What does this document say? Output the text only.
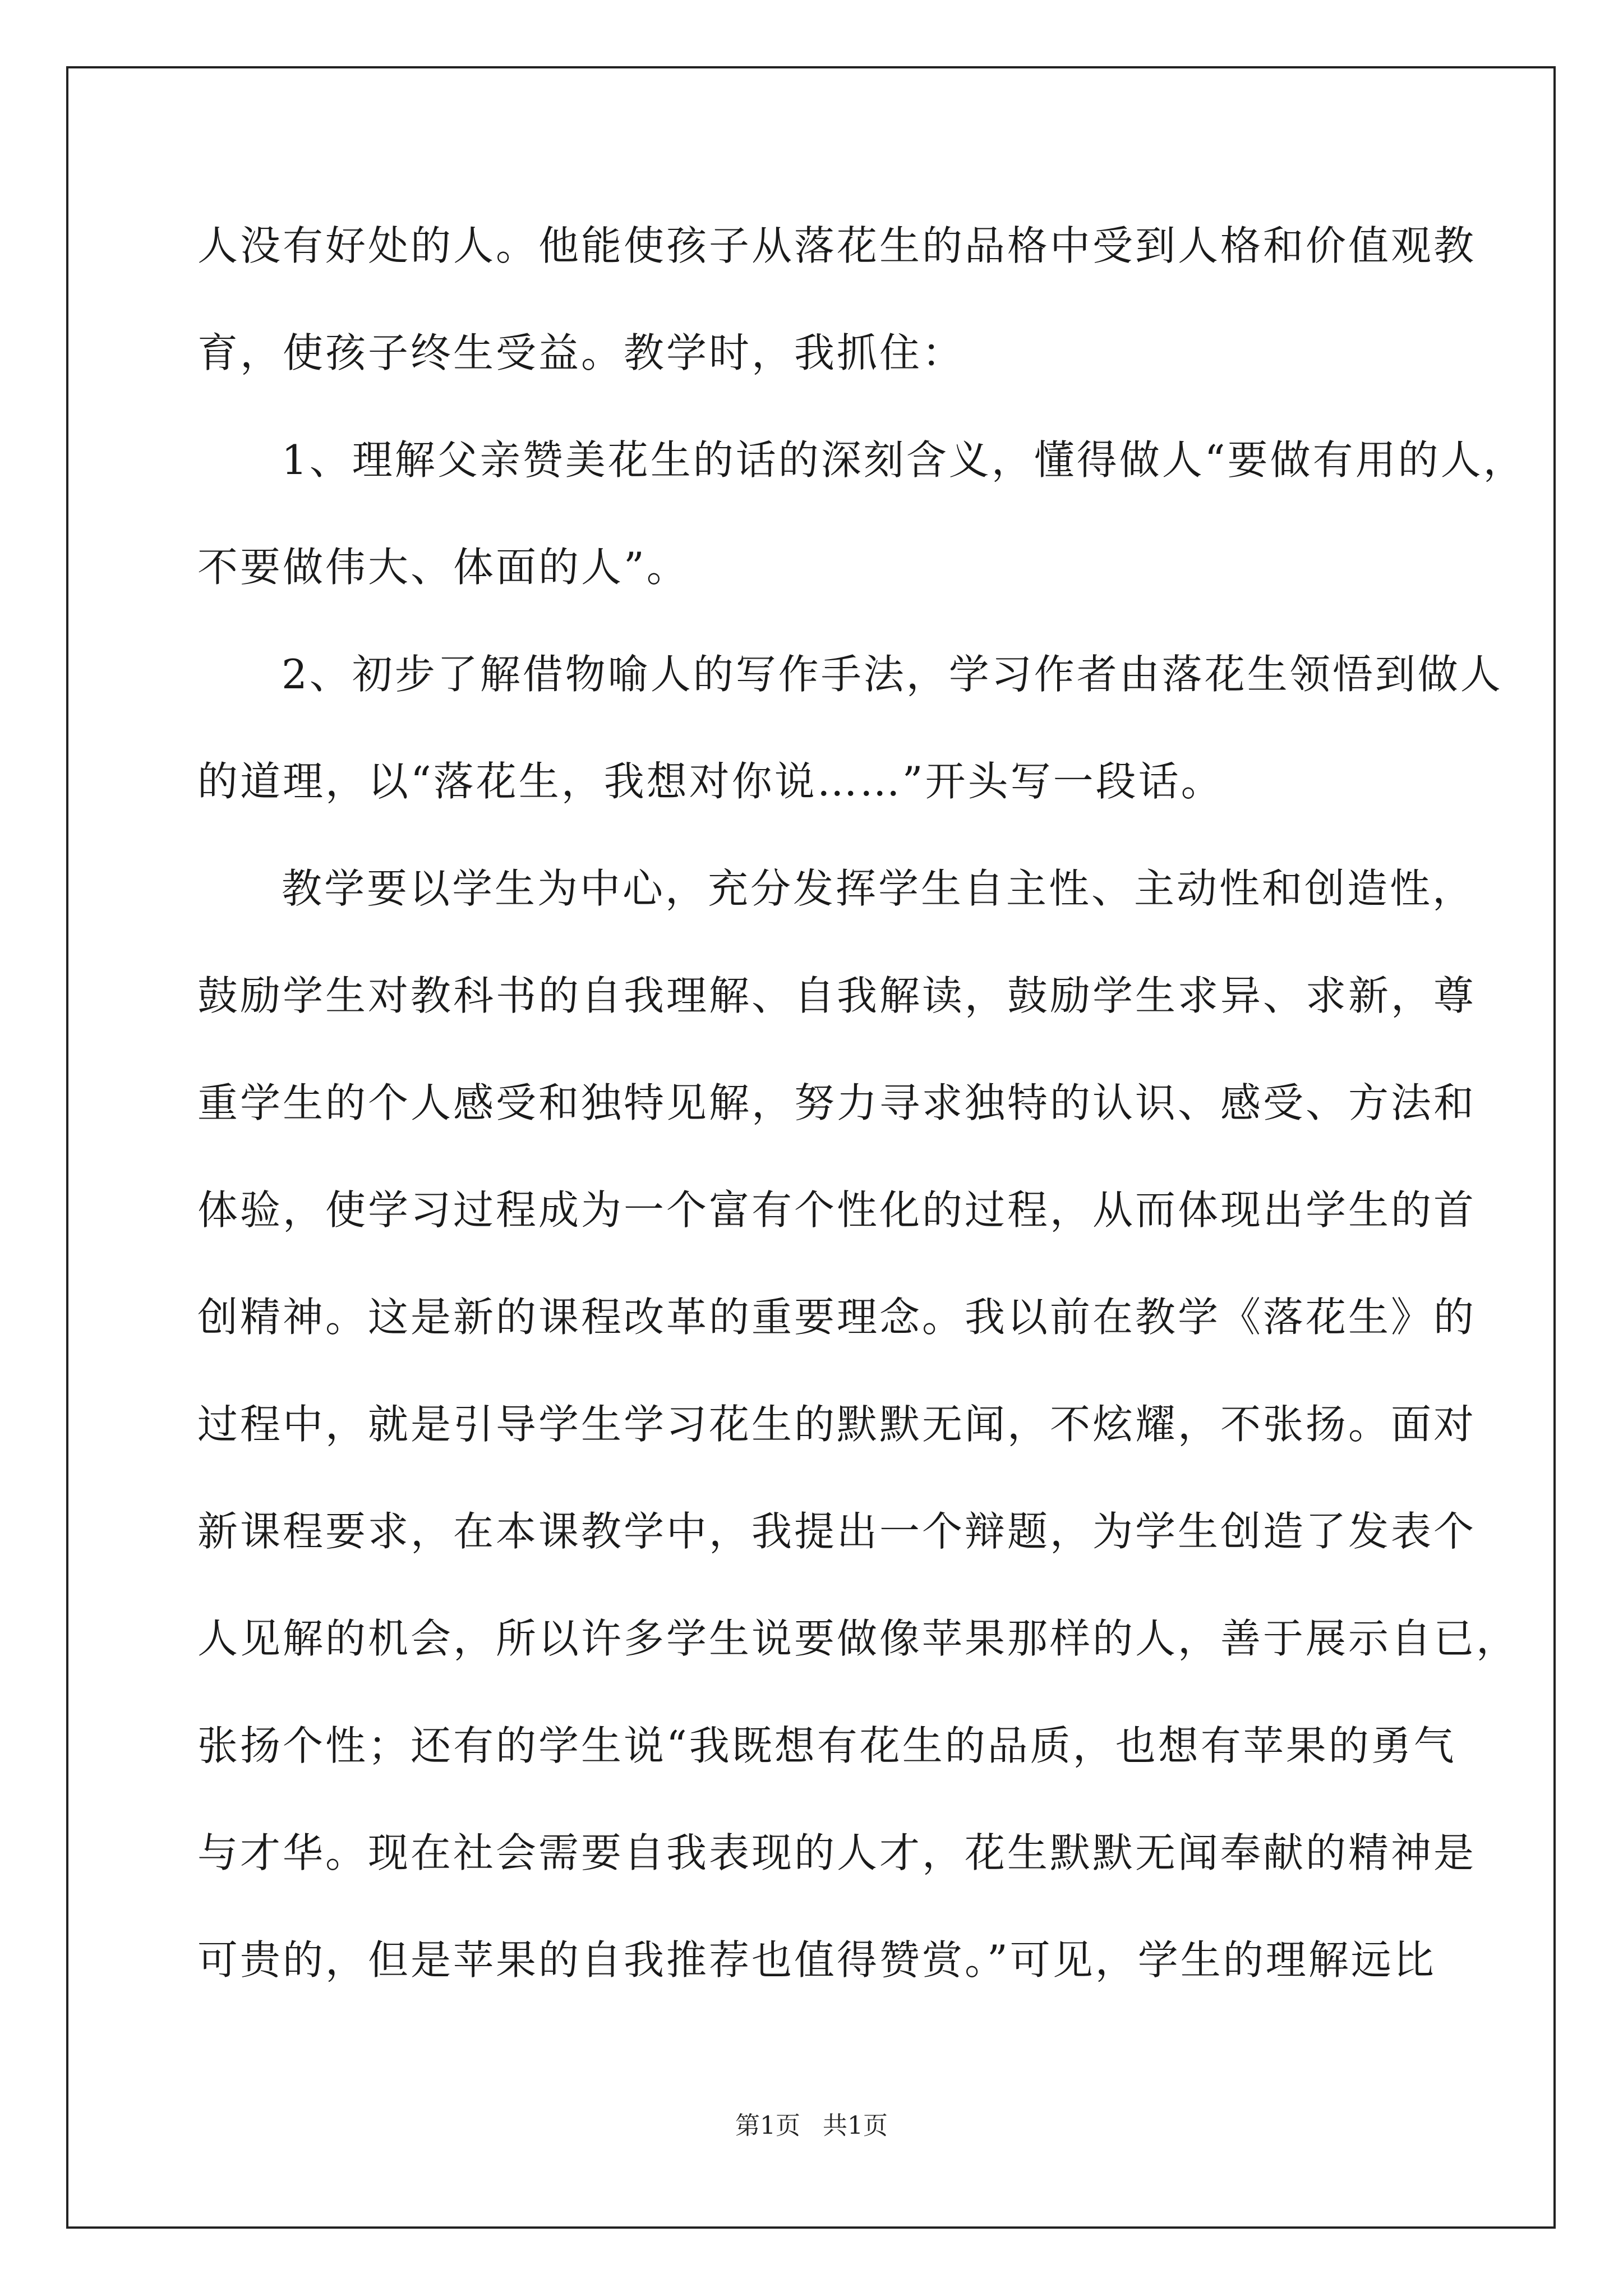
人没有好处的人。他能使孩子从落花生的品格中受到人格和价值观教
育，使孩子终生受益。教学时，我抓住：
1、理解父亲赞美花生的话的深刻含义，懂得做人“要做有用的人，
不要做伟大、体面的人”。
2、初步了解借物喻人的写作手法，学习作者由落花生领悟到做人
的道理，以“落花生，我想对你说……”开头写一段话。
教学要以学生为中心，充分发挥学生自主性、主动性和创造性，
鼓励学生对教科书的自我理解、自我解读，鼓励学生求异、求新，尊
重学生的个人感受和独特见解，努力寻求独特的认识、感受、方法和
体验，使学习过程成为一个富有个性化的过程，从而体现出学生的首
创精神。这是新的课程改革的重要理念。我以前在教学《落花生》的
过程中，就是引导学生学习花生的默默无闻，不炫耀，不张扬。面对
新课程要求，在本课教学中，我提出一个辩题，为学生创造了发表个
人见解的机会，所以许多学生说要做像苹果那样的人，善于展示自已，
张扬个性；还有的学生说“我既想有花生的品质，也想有苹果的勇气
与才华。现在社会需要自我表现的人才，花生默默无闻奉献的精神是
可贵的，但是苹果的自我推荐也值得赞赏。”可见，学生的理解远比
第1页 共1页
